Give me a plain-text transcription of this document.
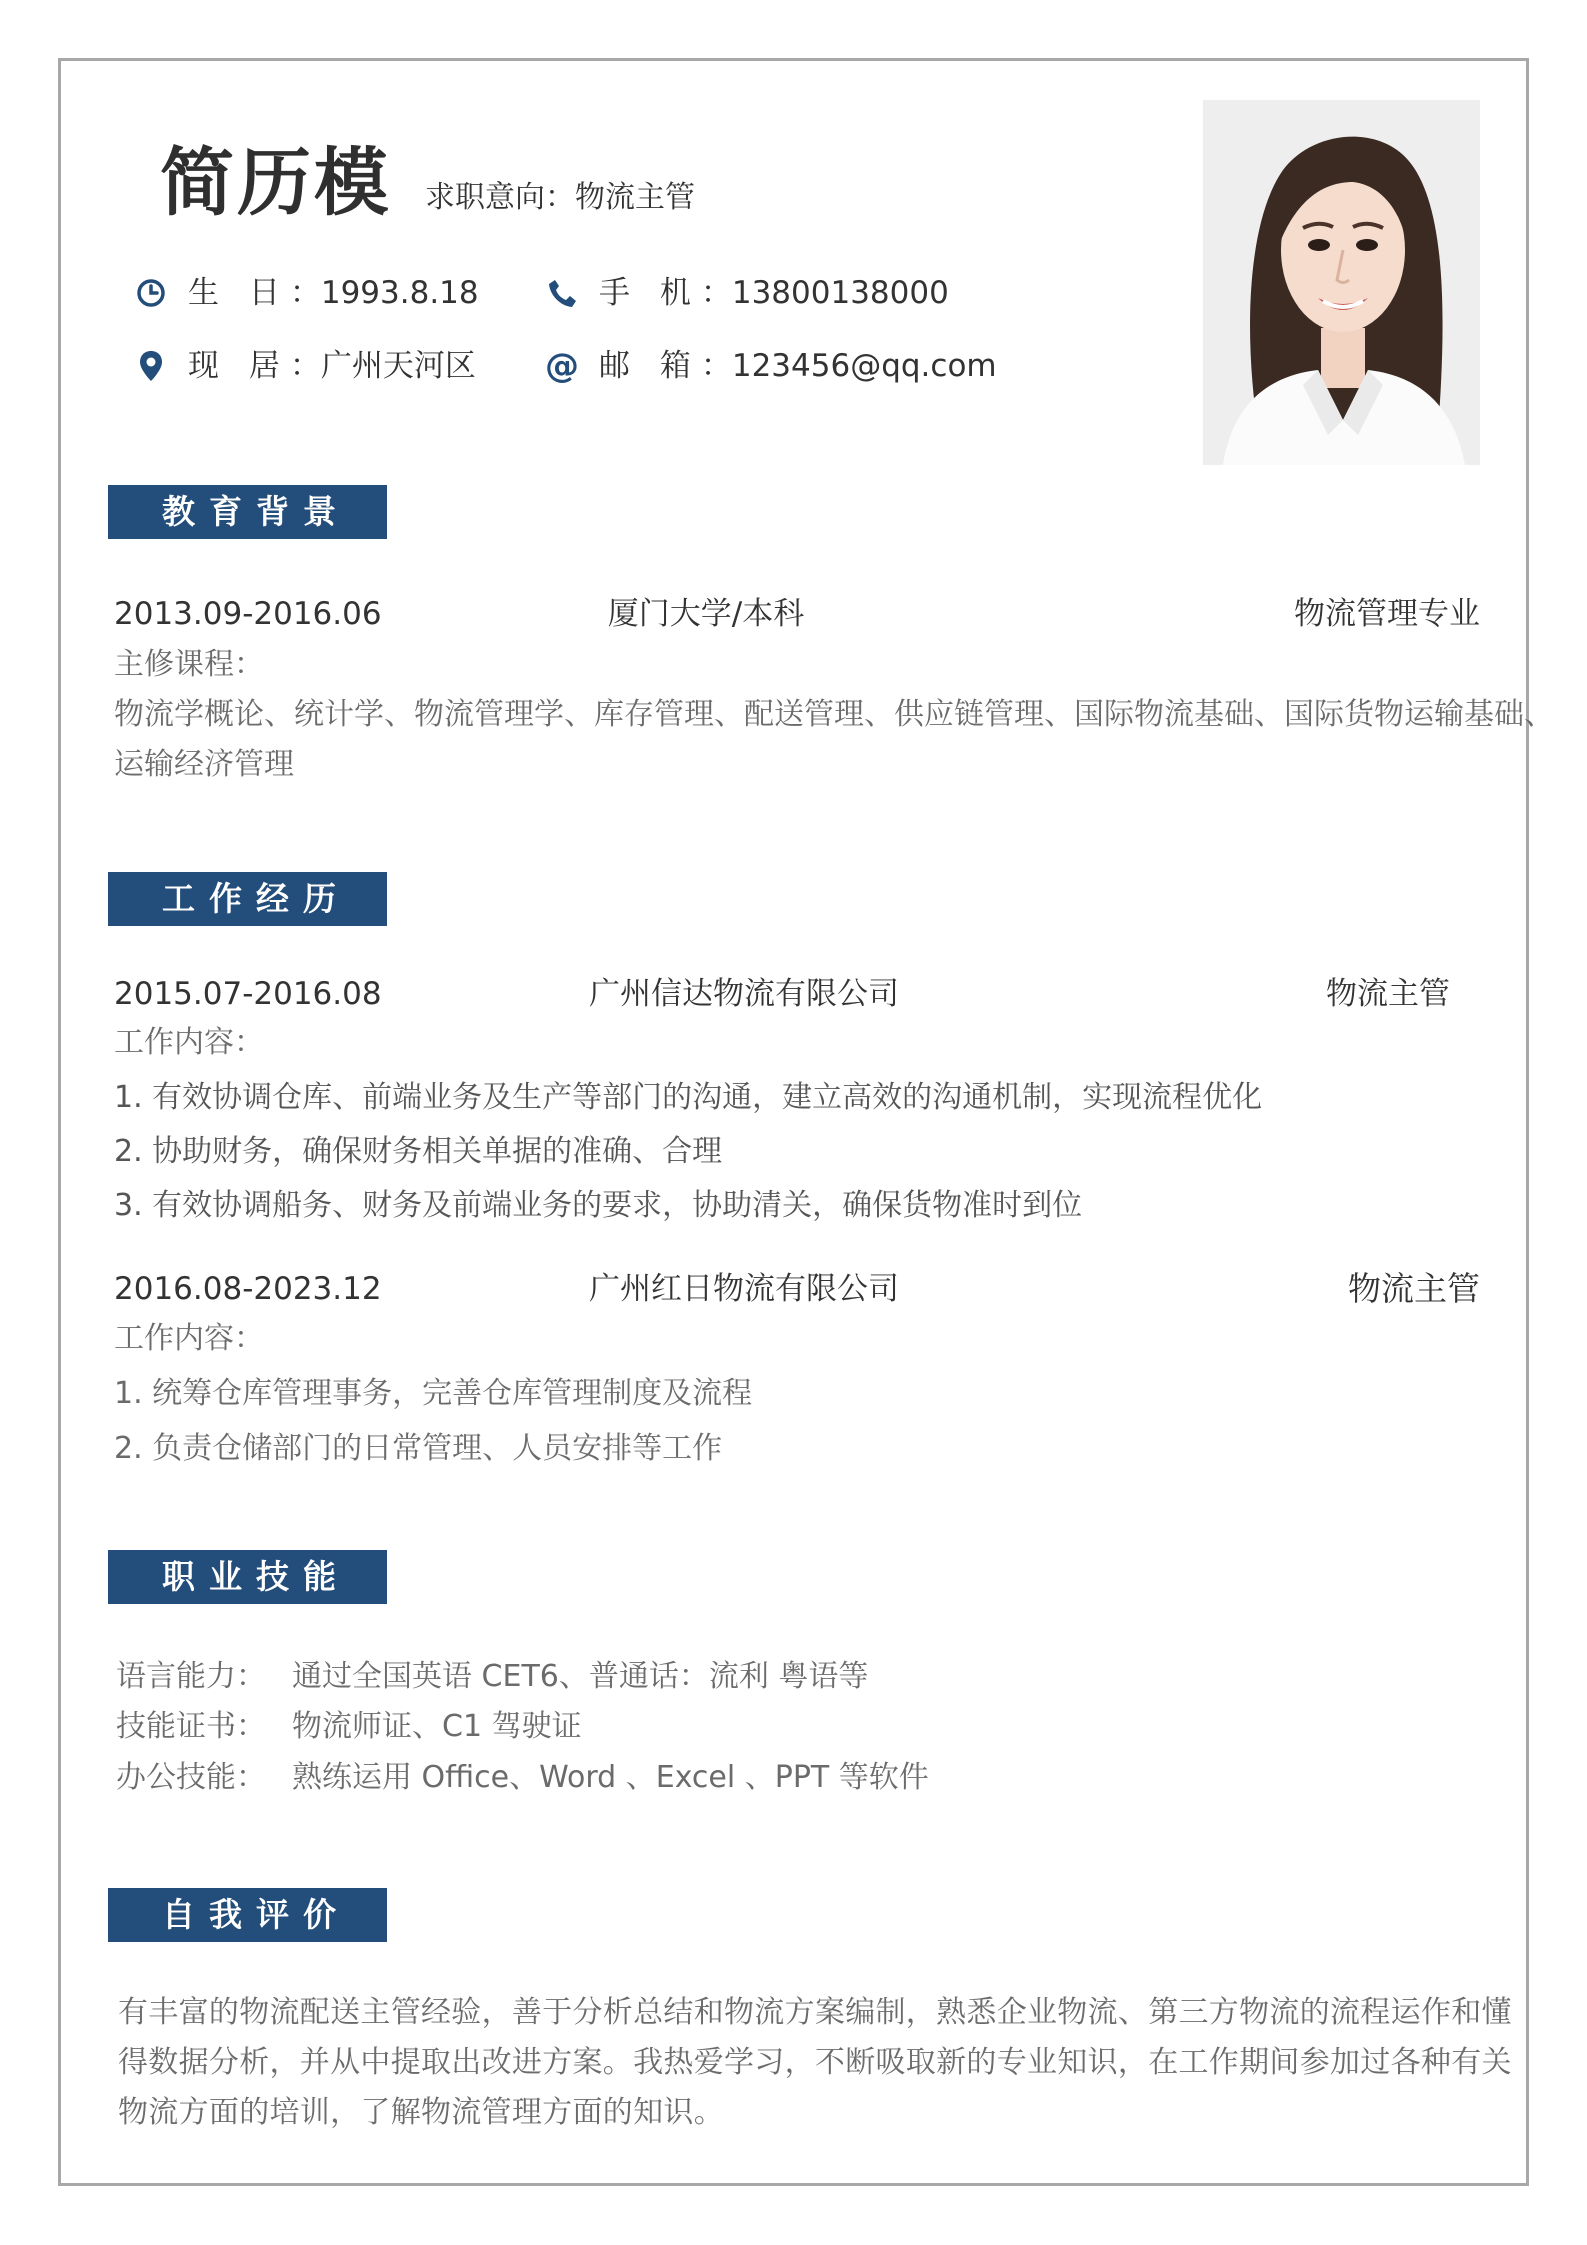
简历模 求职意向：物流主管
生 日 ：1993.8.18	手 机 ：13800138000
现 居 ：广州天河区 @ 邮 箱 ：123456@qq.com
教育背景
2013.09-2016.06	厦门大学/本科	物流管理专业
主修课程：
物流学概论、统计学、物流管理学、库存管理、配送管理、供应链管理、国际物流基础、国际货物运输基础、
运输经济管理
工作经历
2015.07-2016.08	广州信达物流有限公司	物流主管
工作内容：
1. 有效协调仓库、前端业务及生产等部门的沟通，建立高效的沟通机制，实现流程优化
2. 协助财务，确保财务相关单据的准确、合理
3. 有效协调船务、财务及前端业务的要求，协助清关，确保货物准时到位
2016.08-2023.12	广州红日物流有限公司	物流主管
工作内容：
1. 统筹仓库管理事务，完善仓库管理制度及流程
2. 负责仓储部门的日常管理、人员安排等工作
职业技能
语言能力： 通过全国英语 CET6、普通话：流利 粤语等
技能证书： 物流师证、C1 驾驶证
办公技能： 熟练运用 Office、Word 、Excel 、PPT 等软件
自我评价
有丰富的物流配送主管经验，善于分析总结和物流方案编制，熟悉企业物流、第三方物流的流程运作和懂
得数据分析，并从中提取出改进方案。我热爱学习，不断吸取新的专业知识，在工作期间参加过各种有关
物流方面的培训，了解物流管理方面的知识。
